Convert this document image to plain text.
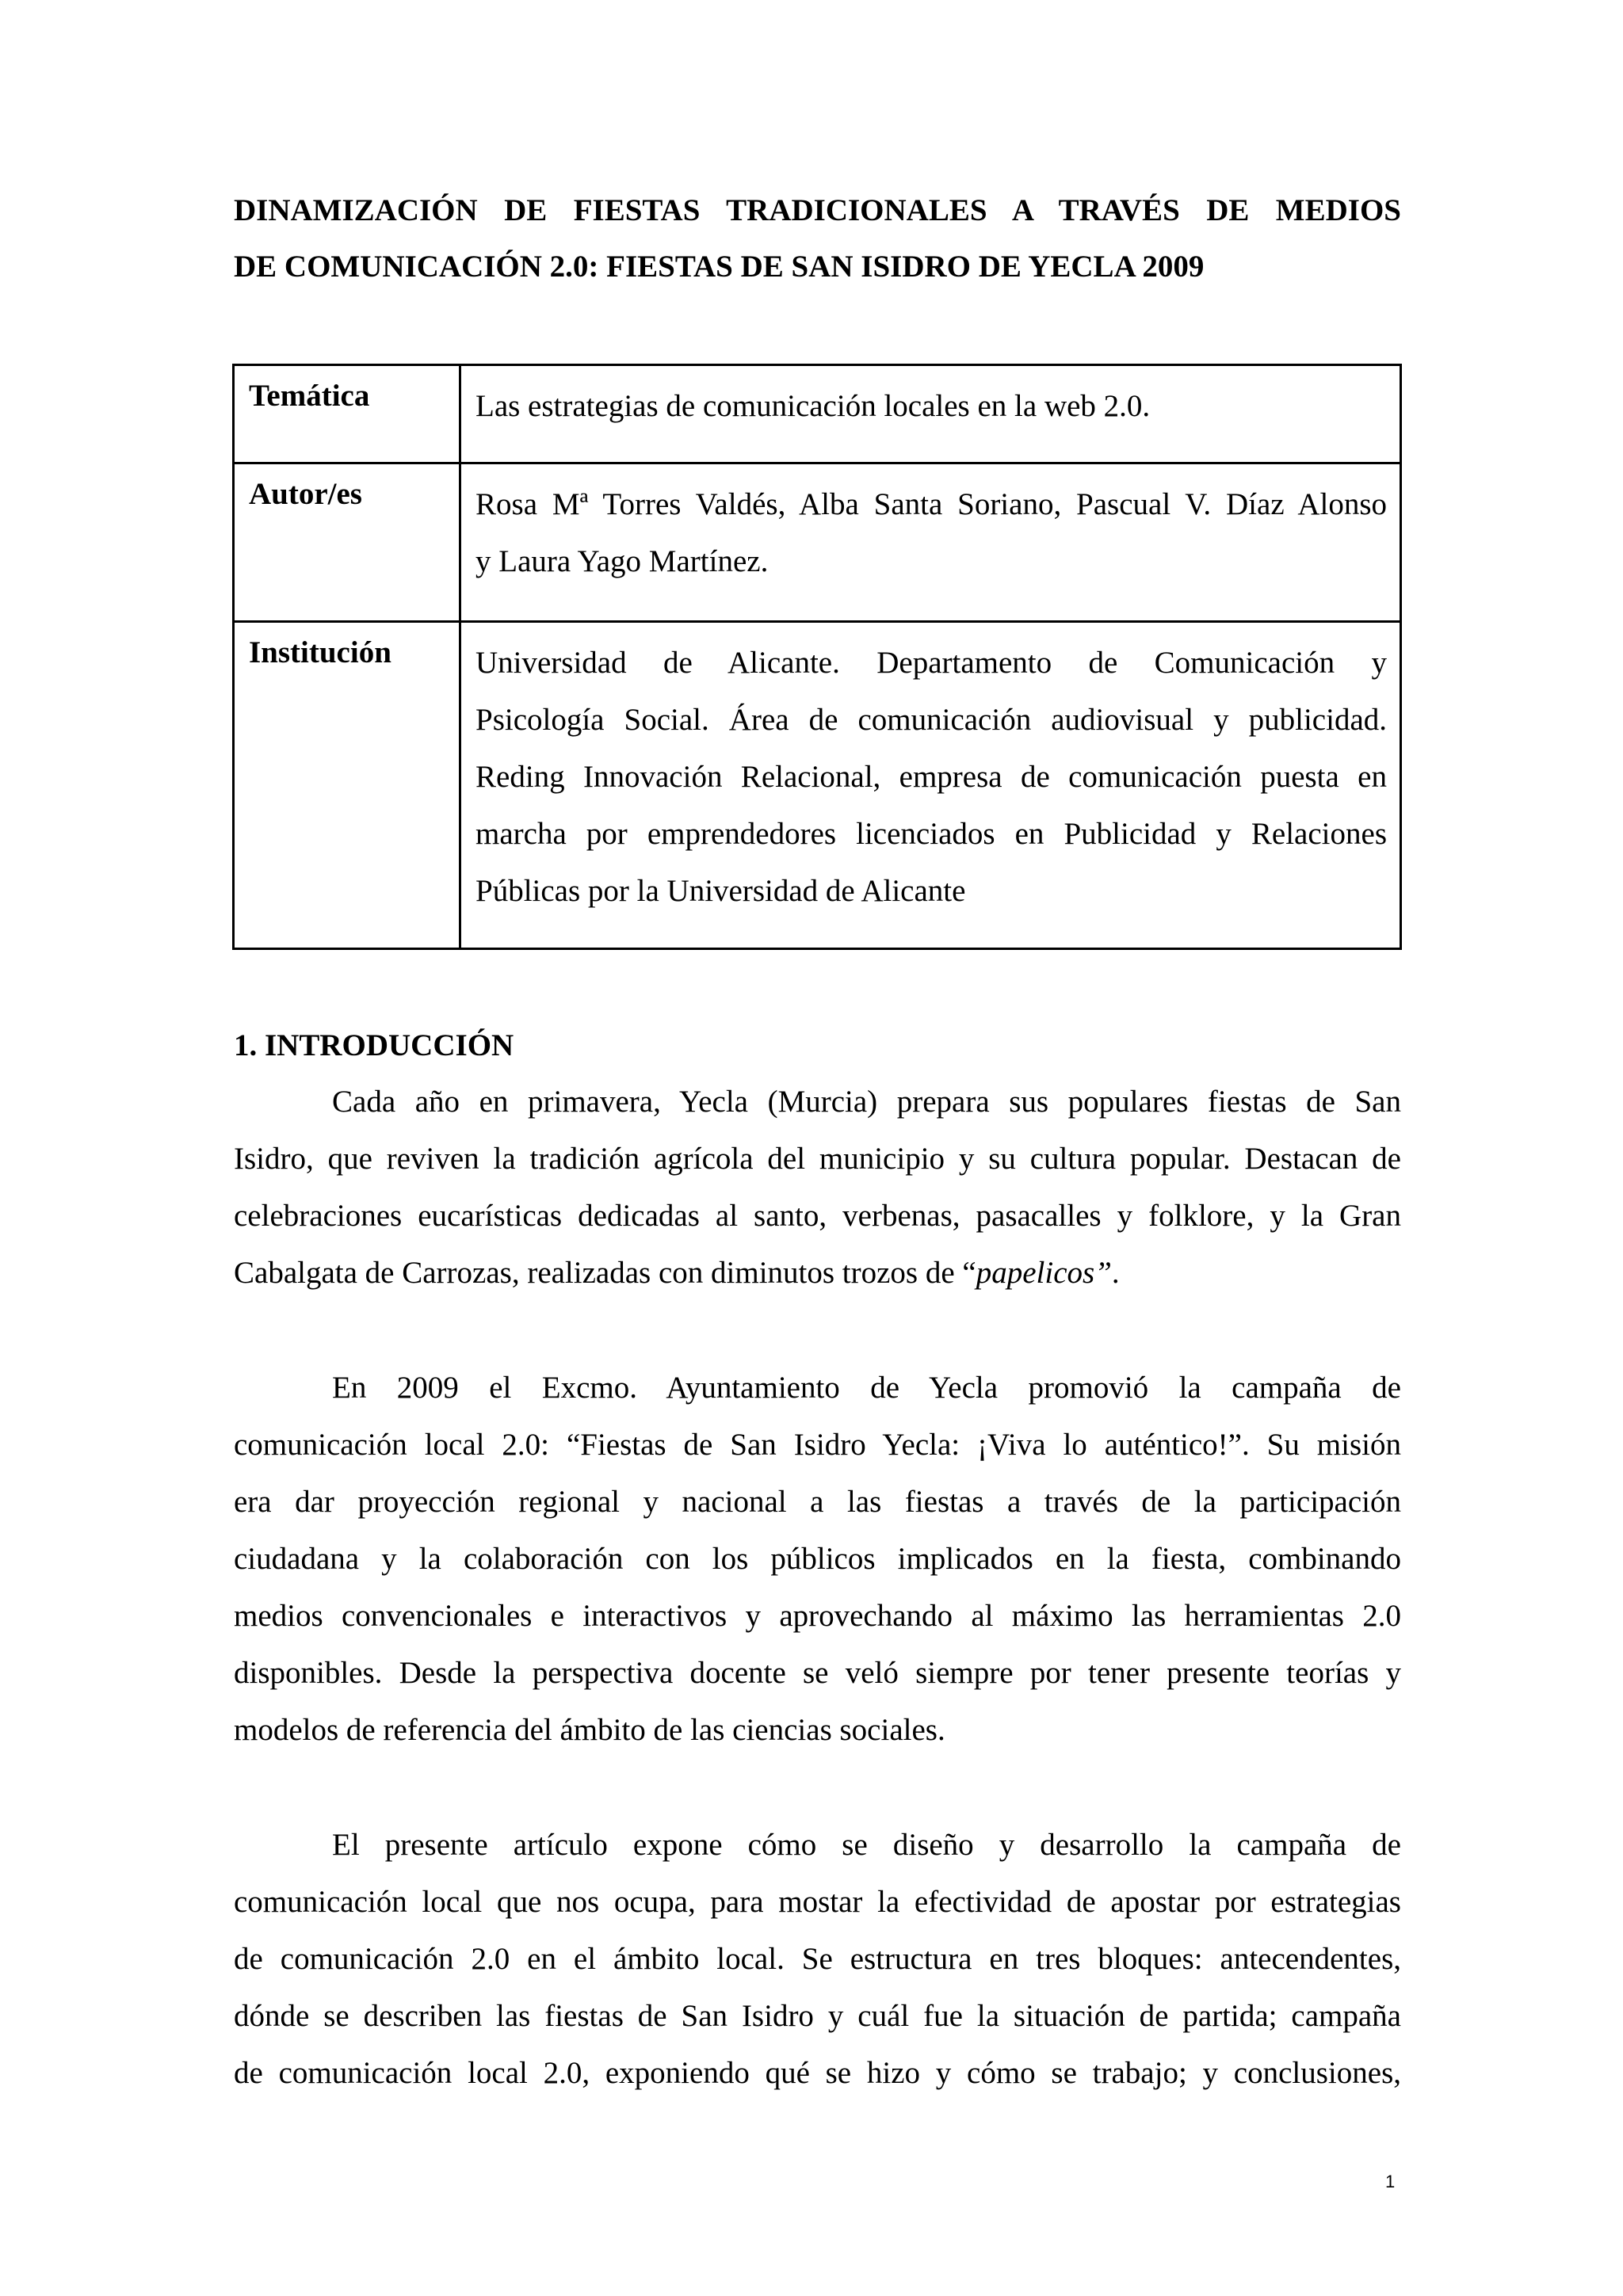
DINAMIZACIÓN DE FIESTAS TRADICIONALES A TRAVÉS DE MEDIOS
DE COMUNICACIÓN 2.0: FIESTAS DE SAN ISIDRO DE YECLA 2009
Temática	Las estrategias de comunicación locales en la web 2.0.

Autor/es	Rosa Mª Torres Valdés, Alba Santa Soriano, Pascual V. Díaz Alonso
y Laura Yago Martínez.

Institución	Universidad de Alicante. Departamento de Comunicación y
Psicología Social. Área de comunicación audiovisual y publicidad.
Reding Innovación Relacional, empresa de comunicación puesta en
marcha por emprendedores licenciados en Publicidad y Relaciones
Públicas por la Universidad de Alicante
1. INTRODUCCIÓN
Cada año en primavera, Yecla (Murcia) prepara sus populares fiestas de San
Isidro, que reviven la tradición agrícola del municipio y su cultura popular. Destacan de
celebraciones eucarísticas dedicadas al santo, verbenas, pasacalles y folklore, y la Gran
Cabalgata de Carrozas, realizadas con diminutos trozos de “papelicos”.
En 2009 el Excmo. Ayuntamiento de Yecla promovió la campaña de
comunicación local 2.0: “Fiestas de San Isidro Yecla: ¡Viva lo auténtico!”. Su misión
era dar proyección regional y nacional a las fiestas a través de la participación
ciudadana y la colaboración con los públicos implicados en la fiesta, combinando
medios convencionales e interactivos y aprovechando al máximo las herramientas 2.0
disponibles. Desde la perspectiva docente se veló siempre por tener presente teorías y
modelos de referencia del ámbito de las ciencias sociales.
El presente artículo expone cómo se diseño y desarrollo la campaña de
comunicación local que nos ocupa, para mostar la efectividad de apostar por estrategias
de comunicación 2.0 en el ámbito local. Se estructura en tres bloques: antecendentes,
dónde se describen las fiestas de San Isidro y cuál fue la situación de partida; campaña
de comunicación local 2.0, exponiendo qué se hizo y cómo se trabajo; y conclusiones,
1
